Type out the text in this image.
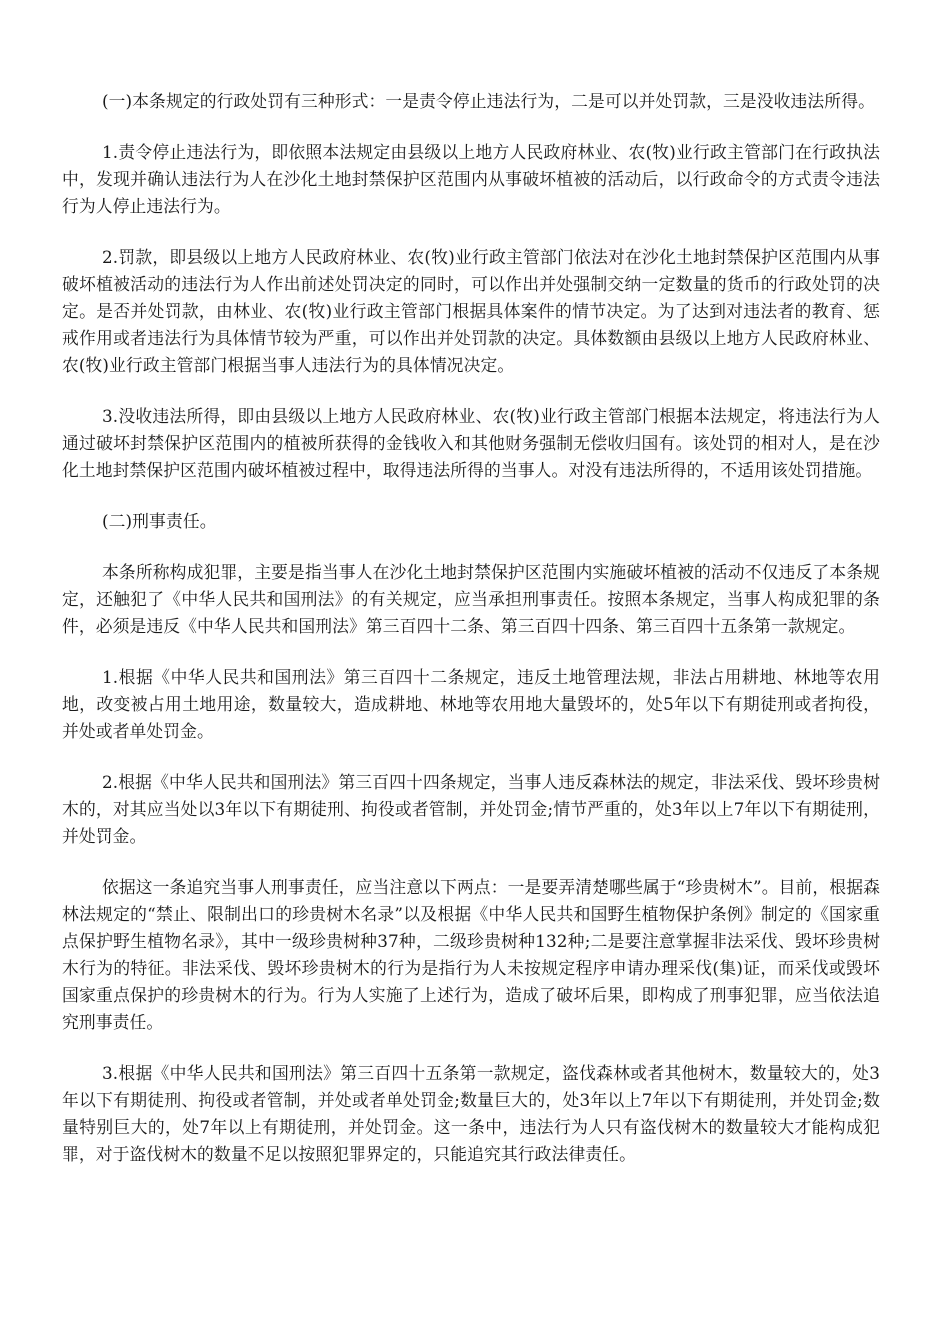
(一)本条规定的行政处罚有三种形式：一是责令停止违法行为，二是可以并处罚款，三是没收违法所得。

1.责令停止违法行为，即依照本法规定由县级以上地方人民政府林业、农(牧)业行政主管部门在行政执法中，发现并确认违法行为人在沙化土地封禁保护区范围内从事破坏植被的活动后，以行政命令的方式责令违法行为人停止违法行为。

2.罚款，即县级以上地方人民政府林业、农(牧)业行政主管部门依法对在沙化土地封禁保护区范围内从事破坏植被活动的违法行为人作出前述处罚决定的同时，可以作出并处强制交纳一定数量的货币的行政处罚的决定。是否并处罚款，由林业、农(牧)业行政主管部门根据具体案件的情节决定。为了达到对违法者的教育、惩戒作用或者违法行为具体情节较为严重，可以作出并处罚款的决定。具体数额由县级以上地方人民政府林业、农(牧)业行政主管部门根据当事人违法行为的具体情况决定。

3.没收违法所得，即由县级以上地方人民政府林业、农(牧)业行政主管部门根据本法规定，将违法行为人通过破坏封禁保护区范围内的植被所获得的金钱收入和其他财务强制无偿收归国有。该处罚的相对人，是在沙化土地封禁保护区范围内破坏植被过程中，取得违法所得的当事人。对没有违法所得的，不适用该处罚措施。

(二)刑事责任。

本条所称构成犯罪，主要是指当事人在沙化土地封禁保护区范围内实施破坏植被的活动不仅违反了本条规定，还触犯了《中华人民共和国刑法》的有关规定，应当承担刑事责任。按照本条规定，当事人构成犯罪的条件，必须是违反《中华人民共和国刑法》第三百四十二条、第三百四十四条、第三百四十五条第一款规定。

1.根据《中华人民共和国刑法》第三百四十二条规定，违反土地管理法规，非法占用耕地、林地等农用地，改变被占用土地用途，数量较大，造成耕地、林地等农用地大量毁坏的，处5年以下有期徒刑或者拘役，并处或者单处罚金。

2.根据《中华人民共和国刑法》第三百四十四条规定，当事人违反森林法的规定，非法采伐、毁坏珍贵树木的，对其应当处以3年以下有期徒刑、拘役或者管制，并处罚金;情节严重的，处3年以上7年以下有期徒刑，并处罚金。

依据这一条追究当事人刑事责任，应当注意以下两点：一是要弄清楚哪些属于“珍贵树木”。目前，根据森林法规定的“禁止、限制出口的珍贵树木名录”以及根据《中华人民共和国野生植物保护条例》制定的《国家重点保护野生植物名录》，其中一级珍贵树种37种，二级珍贵树种132种;二是要注意掌握非法采伐、毁坏珍贵树木行为的特征。非法采伐、毁坏珍贵树木的行为是指行为人未按规定程序申请办理采伐(集)证，而采伐或毁坏国家重点保护的珍贵树木的行为。行为人实施了上述行为，造成了破坏后果，即构成了刑事犯罪，应当依法追究刑事责任。

3.根据《中华人民共和国刑法》第三百四十五条第一款规定，盗伐森林或者其他树木，数量较大的，处3年以下有期徒刑、拘役或者管制，并处或者单处罚金;数量巨大的，处3年以上7年以下有期徒刑，并处罚金;数量特别巨大的，处7年以上有期徒刑，并处罚金。这一条中，违法行为人只有盗伐树木的数量较大才能构成犯罪，对于盗伐树木的数量不足以按照犯罪界定的，只能追究其行政法律责任。
